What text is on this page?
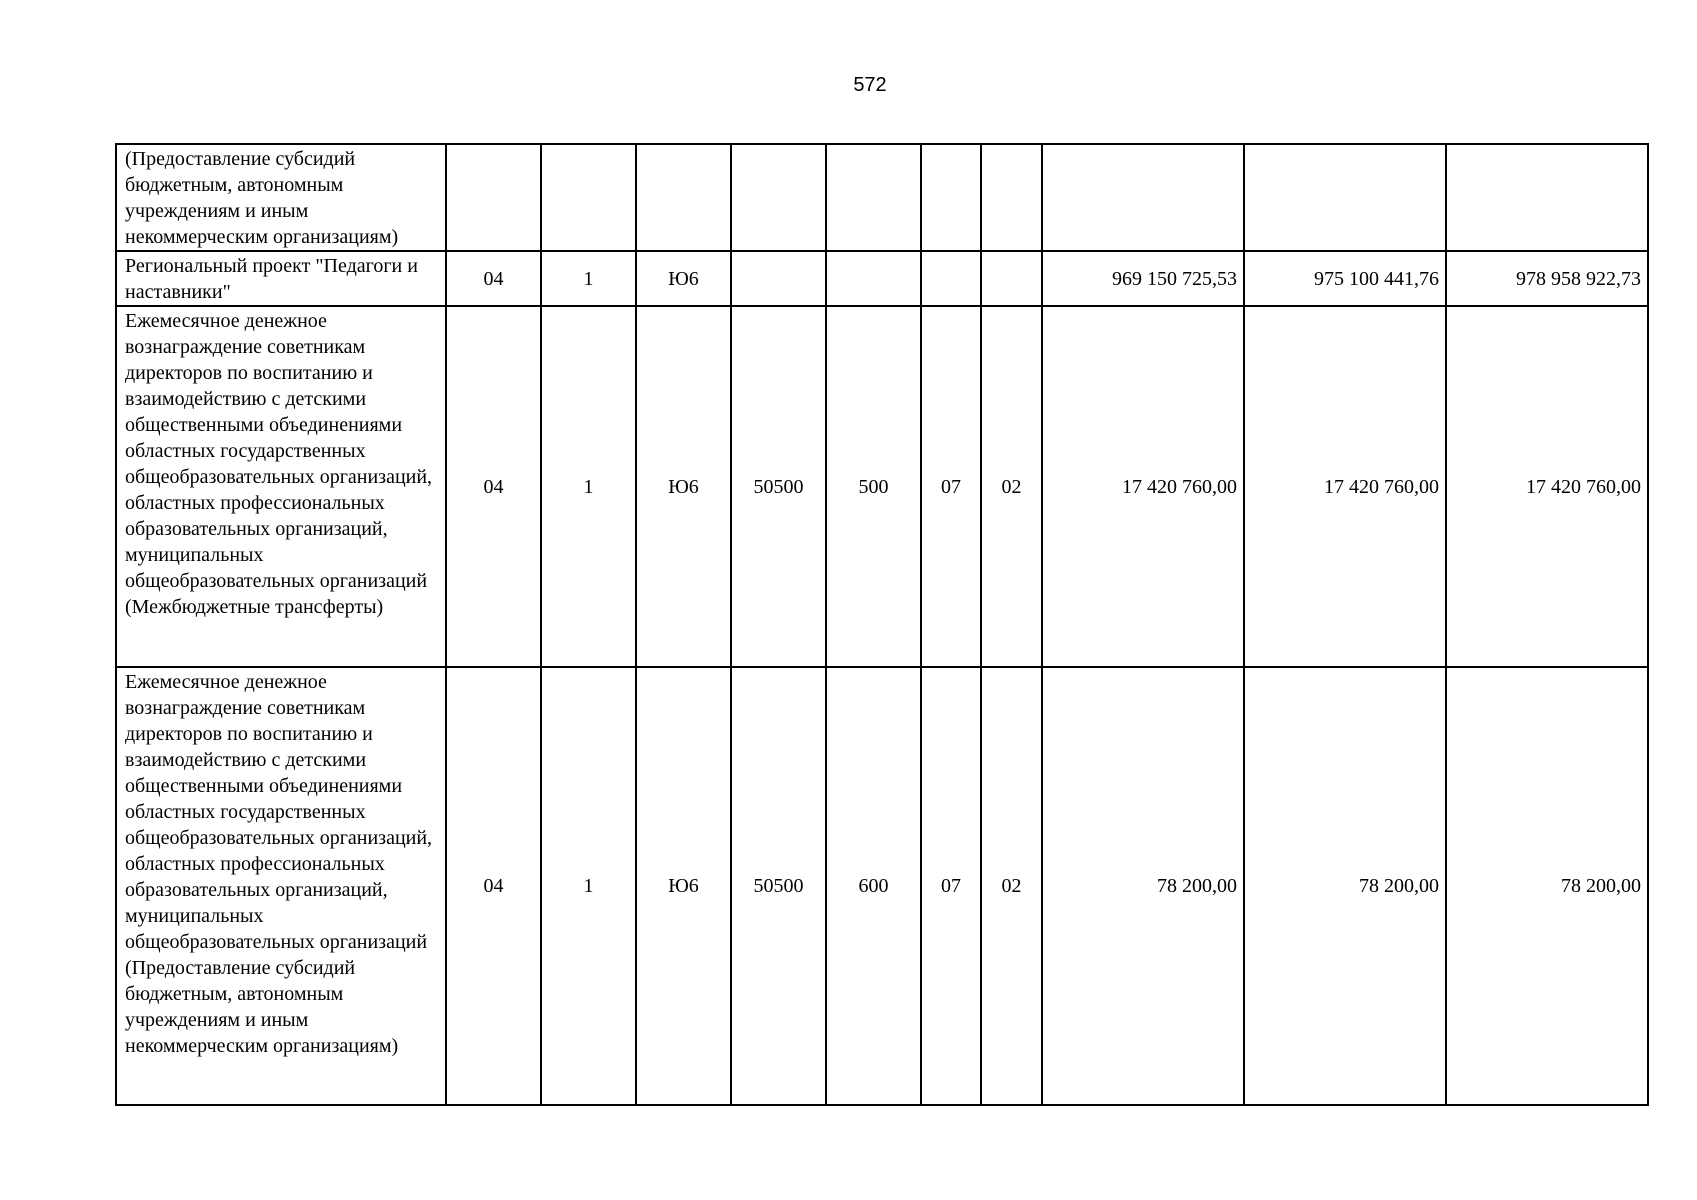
572
(Предоставление субсидий бюджетным, автономным учреждениям и иным некоммерческим организациям)										
Региональный проект "Педагоги и наставники"	04	1	Ю6					969 150 725,53	975 100 441,76	978 958 922,73
Ежемесячное денежное вознаграждение советникам директоров по воспитанию и взаимодействию с детскими общественными объединениями областных государственных общеобразовательных организаций, областных профессиональных образовательных организаций, муниципальных общеобразовательных организаций (Межбюджетные трансферты)	04	1	Ю6	50500	500	07	02	17 420 760,00	17 420 760,00	17 420 760,00
Ежемесячное денежное вознаграждение советникам директоров по воспитанию и взаимодействию с детскими общественными объединениями областных государственных общеобразовательных организаций, областных профессиональных образовательных организаций, муниципальных общеобразовательных организаций (Предоставление субсидий бюджетным, автономным учреждениям и иным некоммерческим организациям)	04	1	Ю6	50500	600	07	02	78 200,00	78 200,00	78 200,00
